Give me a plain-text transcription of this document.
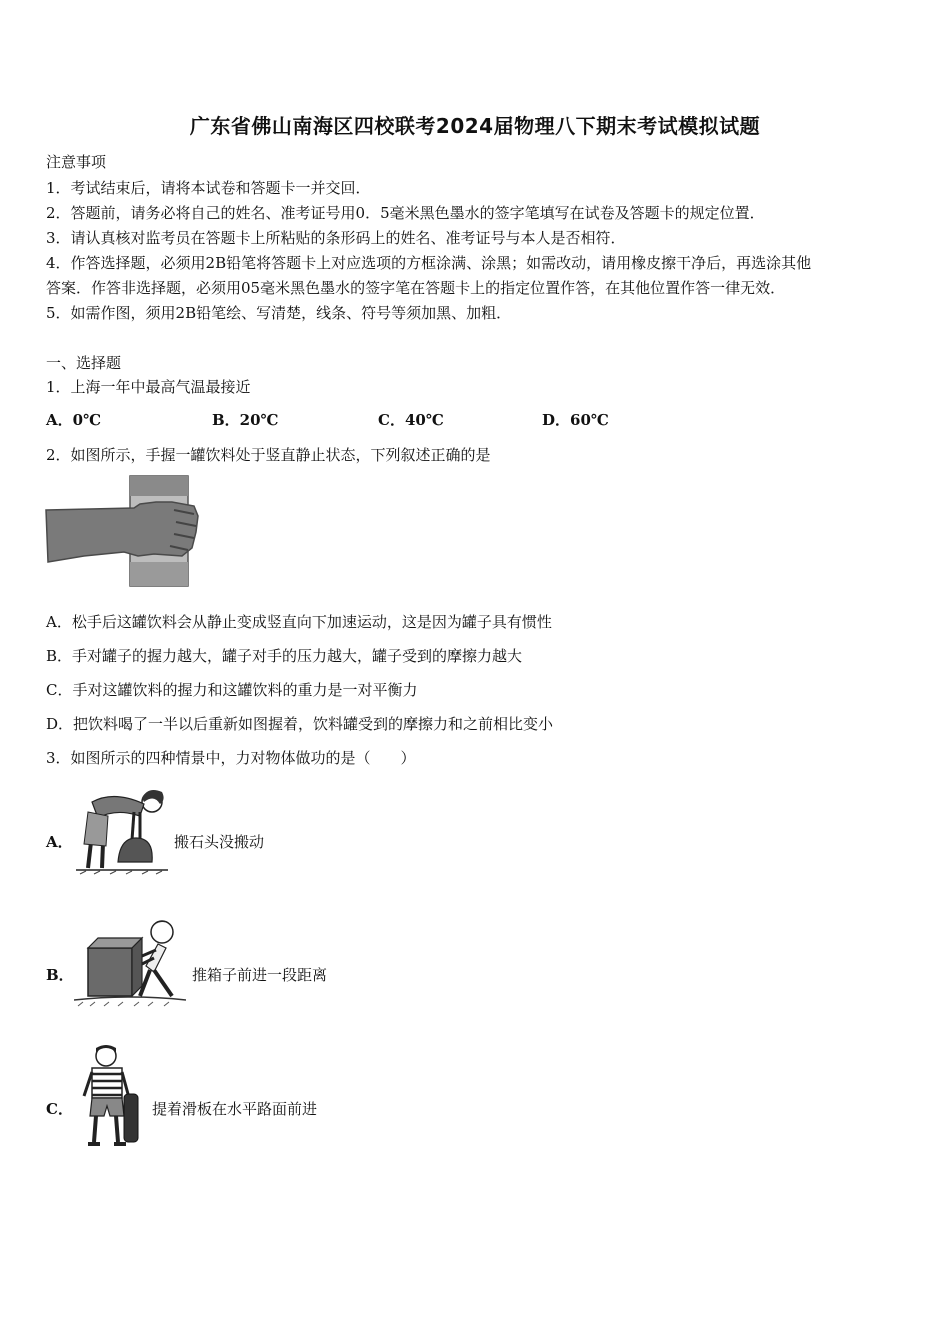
广东省佛山南海区四校联考2024届物理八下期末考试模拟试题
注意事项
1．考试结束后，请将本试卷和答题卡一并交回．
2．答题前，请务必将自己的姓名、准考证号用0．5毫米黑色墨水的签字笔填写在试卷及答题卡的规定位置．
3．请认真核对监考员在答题卡上所粘贴的条形码上的姓名、准考证号与本人是否相符．
4．作答选择题，必须用2B铅笔将答题卡上对应选项的方框涂满、涂黑；如需改动，请用橡皮擦干净后，再选涂其他
答案．作答非选择题，必须用05毫米黑色墨水的签字笔在答题卡上的指定位置作答，在其他位置作答一律无效．
5．如需作图，须用2B铅笔绘、写清楚，线条、符号等须加黑、加粗．
一、选择题
1．上海一年中最高气温最接近
A．0℃	B．20℃	C．40℃	D．60℃
2．如图所示，手握一罐饮料处于竖直静止状态，下列叙述正确的是
A．松手后这罐饮料会从静止变成竖直向下加速运动，这是因为罐子具有惯性
B．手对罐子的握力越大，罐子对手的压力越大，罐子受到的摩擦力越大
C．手对这罐饮料的握力和这罐饮料的重力是一对平衡力
D．把饮料喝了一半以后重新如图握着，饮料罐受到的摩擦力和之前相比变小
3．如图所示的四种情景中，力对物体做功的是（　　）
A．	搬石头没搬动
B．	推箱子前进一段距离
C．	提着滑板在水平路面前进
